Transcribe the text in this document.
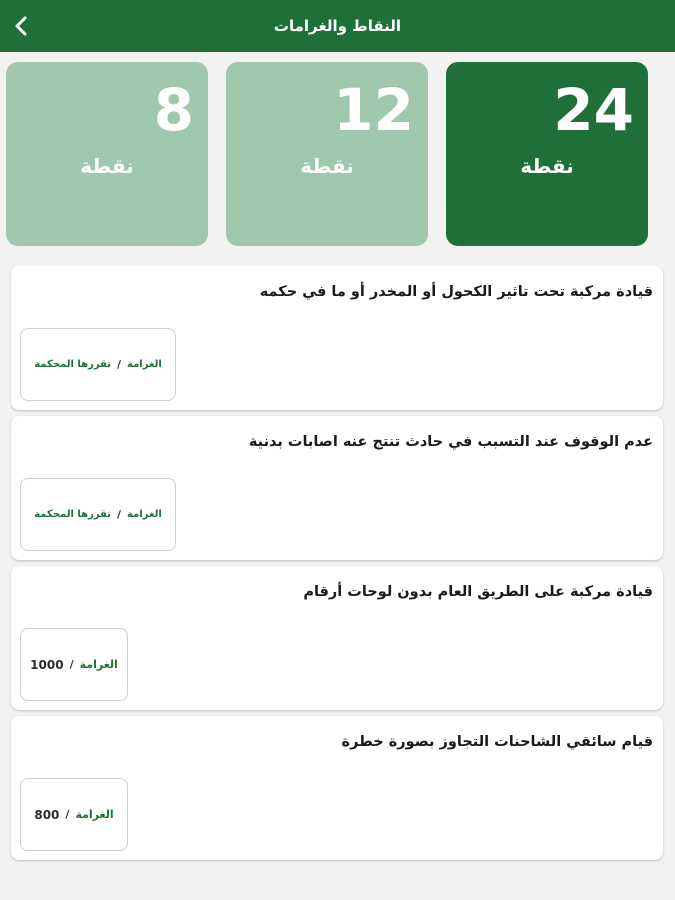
النقاط والغرامات
24
نقطة
12
نقطة
8
نقطة
قيادة مركبة تحت تاثير الكحول أو المخدر أو ما في حكمه
الغرامة
/
تقررها المحكمة
عدم الوقوف عند التسبب في حادث تنتج عنه اصابات بدنية
الغرامة
/
تقررها المحكمة
قيادة مركبة على الطريق العام بدون لوحات أرقام
الغرامة
/
1000
قيام سائقي الشاحنات التجاوز بصورة خطرة
الغرامة
/
800
